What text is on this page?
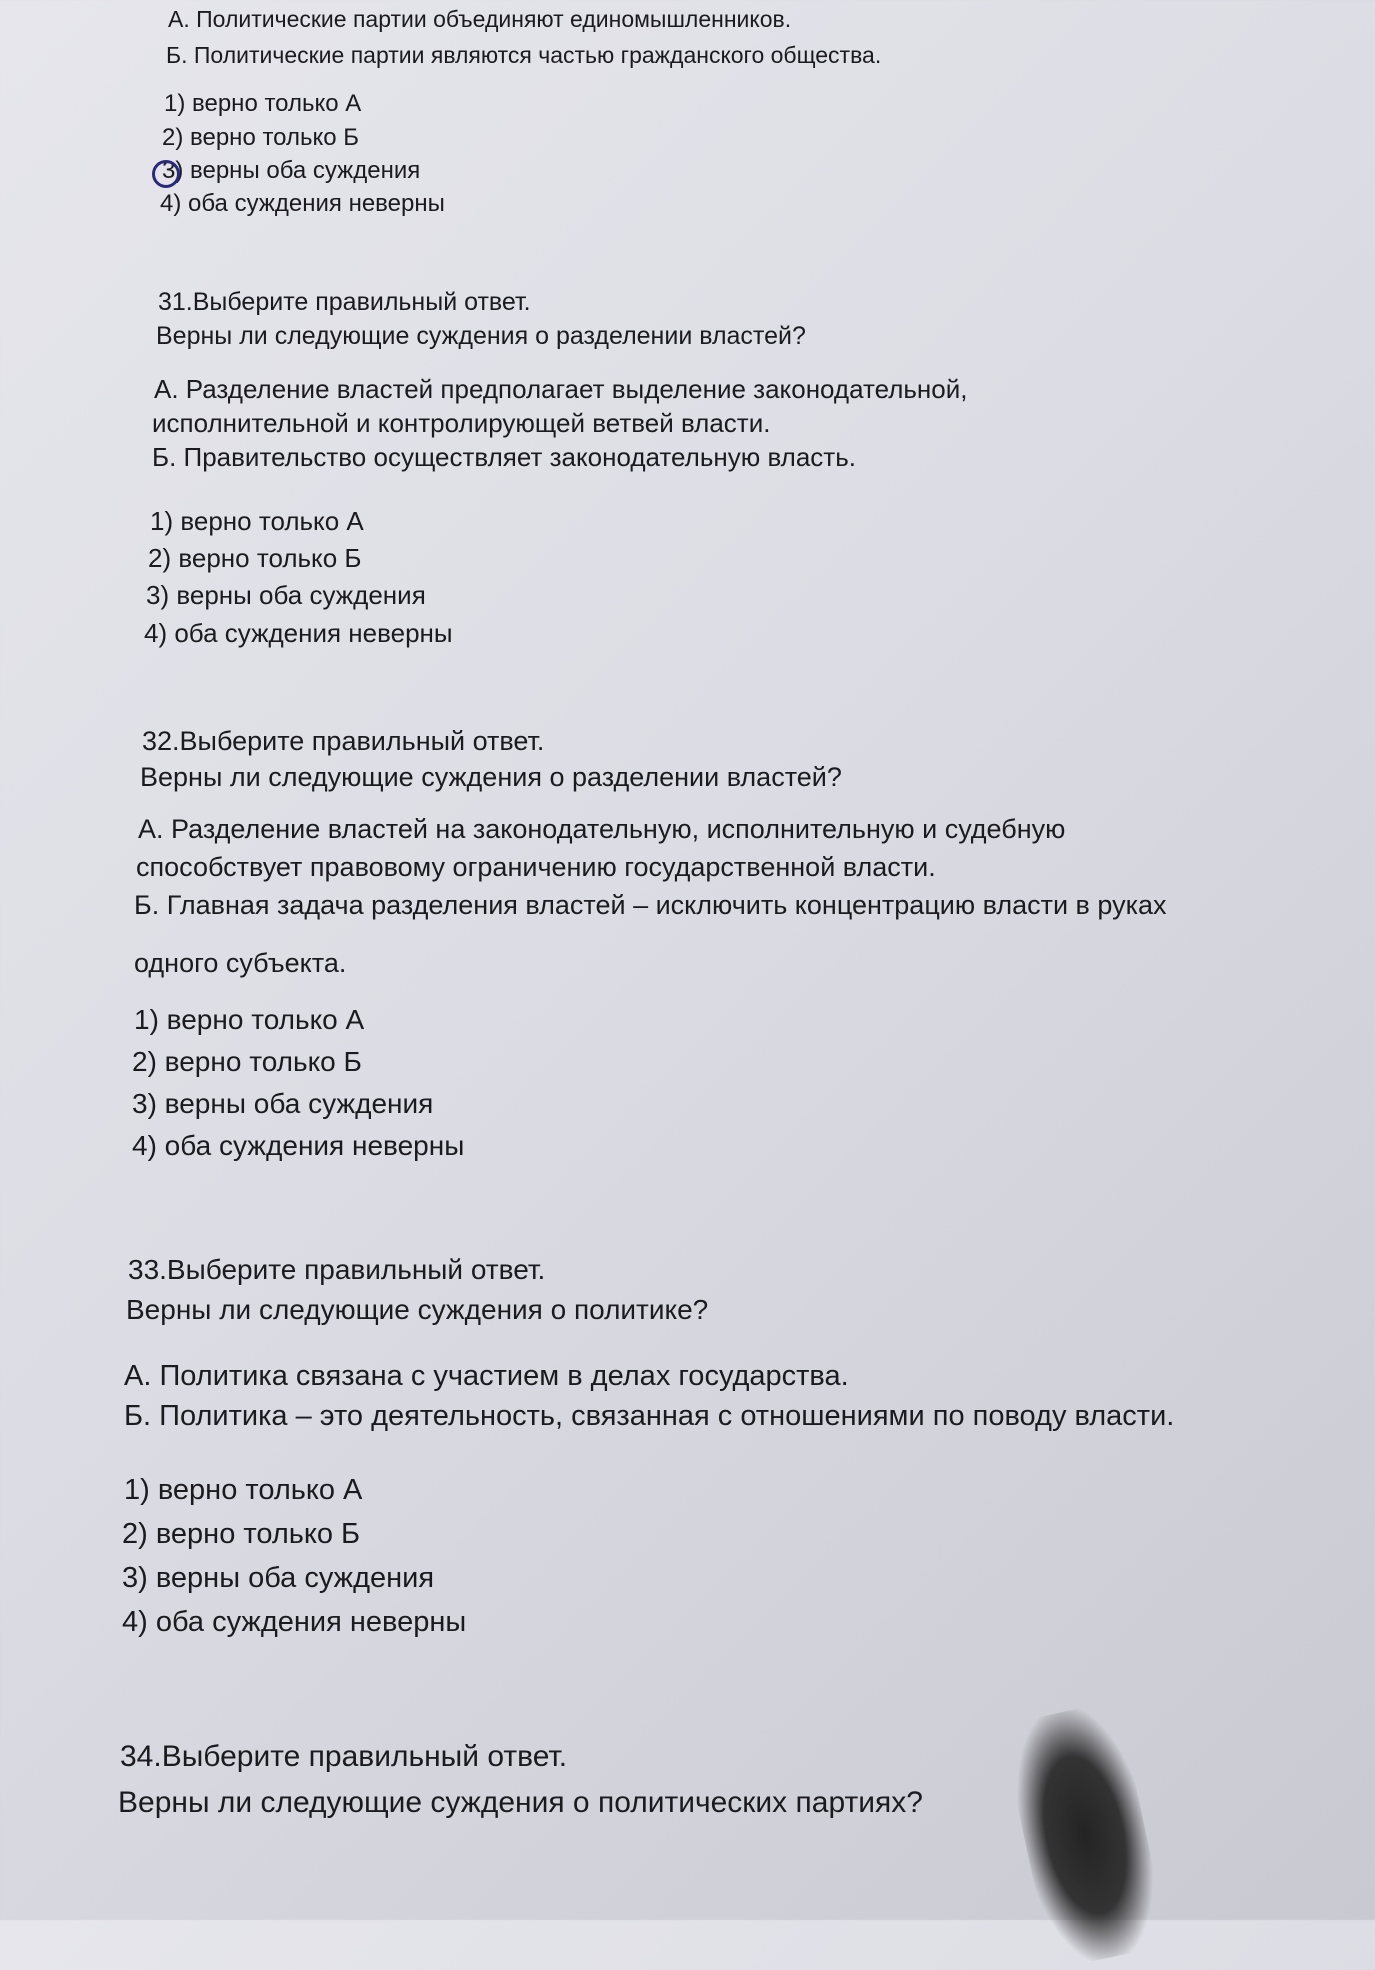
А. Политические партии объединяют единомышленников.
Б. Политические партии являются частью гражданского общества.
1) верно только А
2) верно только Б
3) верны оба суждения
4) оба суждения неверны
31.Выберите правильный ответ.
Верны ли следующие суждения о разделении властей?
А. Разделение властей предполагает выделение законодательной,
исполнительной и контролирующей ветвей власти.
Б. Правительство осуществляет законодательную власть.
1) верно только А
2) верно только Б
3) верны оба суждения
4) оба суждения неверны
32.Выберите правильный ответ.
Верны ли следующие суждения о разделении властей?
А. Разделение властей на законодательную, исполнительную и судебную
способствует правовому ограничению государственной власти.
Б. Главная задача разделения властей – исключить концентрацию власти в руках
одного субъекта.
1) верно только А
2) верно только Б
3) верны оба суждения
4) оба суждения неверны
33.Выберите правильный ответ.
Верны ли следующие суждения о политике?
А. Политика связана с участием в делах государства.
Б. Политика – это деятельность, связанная с отношениями по поводу власти.
1) верно только А
2) верно только Б
3) верны оба суждения
4) оба суждения неверны
34.Выберите правильный ответ.
Верны ли следующие суждения о политических партиях?
